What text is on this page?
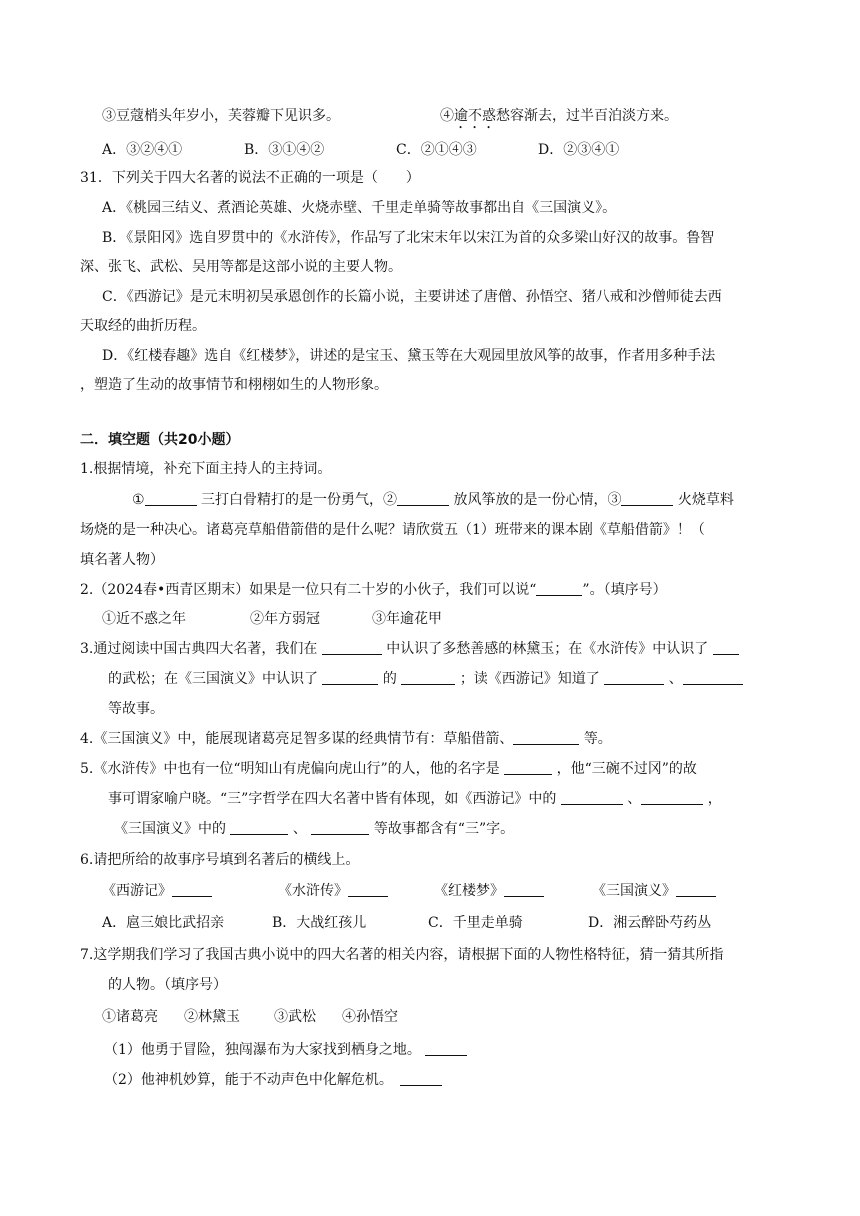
③豆蔻梢头年岁小，芙蓉瓣下见识多。	④逾不惑愁容渐去，过半百泊淡方来。
A．③②④①	B．③①④②	C．②①④③	D．②③④①
31．下列关于四大名著的说法不正确的一项是（　　）
A．《桃园三结义、煮酒论英雄、火烧赤壁、千里走单骑等故事都出自《三国演义》。
B．《景阳冈》选自罗贯中的《水浒传》，作品写了北宋末年以宋江为首的众多梁山好汉的故事。鲁智
深、张飞、武松、吴用等都是这部小说的主要人物。
C．《西游记》是元末明初吴承恩创作的长篇小说，主要讲述了唐僧、孙悟空、猪八戒和沙僧师徒去西
天取经的曲折历程。
D．《红楼春趣》选自《红楼梦》，讲述的是宝玉、黛玉等在大观园里放风筝的故事，作者用多种手法
，塑造了生动的故事情节和栩栩如生的人物形象。
二．填空题（共20小题）
1.根据情境，补充下面主持人的主持词。
①	三打白骨精打的是一份勇气，②	放风筝放的是一份心情，③	火烧草料
场烧的是一种决心。诸葛亮草船借箭借的是什么呢？请欣赏五（1）班带来的课本剧《草船借箭》！（
填名著人物）
2.（2024春•西青区期末）如果是一位只有二十岁的小伙子，我们可以说“	”。（填序号）
①近不惑之年	②年方弱冠	③年逾花甲
3.通过阅读中国古典四大名著，我们在	中认识了多愁善感的林黛玉；在《水浒传》中认识了
的武松；在《三国演义》中认识了	的	；读《西游记》知道了	、
等故事。
4.《三国演义》中，能展现诸葛亮足智多谋的经典情节有：草船借箭、	等。
5.《水浒传》中也有一位“明知山有虎偏向虎山行”的人，他的名字是	，他“三碗不过冈”的故
事可谓家喻户晓。“三”字哲学在四大名著中皆有体现，如《西游记》中的	、	，
《三国演义》中的	、	等故事都含有“三”字。
6.请把所给的故事序号填到名著后的横线上。
《西游记》	《水浒传》	《红楼梦》	《三国演义》
A．扈三娘比武招亲	B．大战红孩儿	C．千里走单骑	D．湘云醉卧芍药丛
7.这学期我们学习了我国古典小说中的四大名著的相关内容，请根据下面的人物性格特征，猜一猜其所指
的人物。（填序号）
①诸葛亮 ②林黛玉 ③武松 ④孙悟空
（1）他勇于冒险，独闯瀑布为大家找到栖身之地。
（2）他神机妙算，能于不动声色中化解危机。　
